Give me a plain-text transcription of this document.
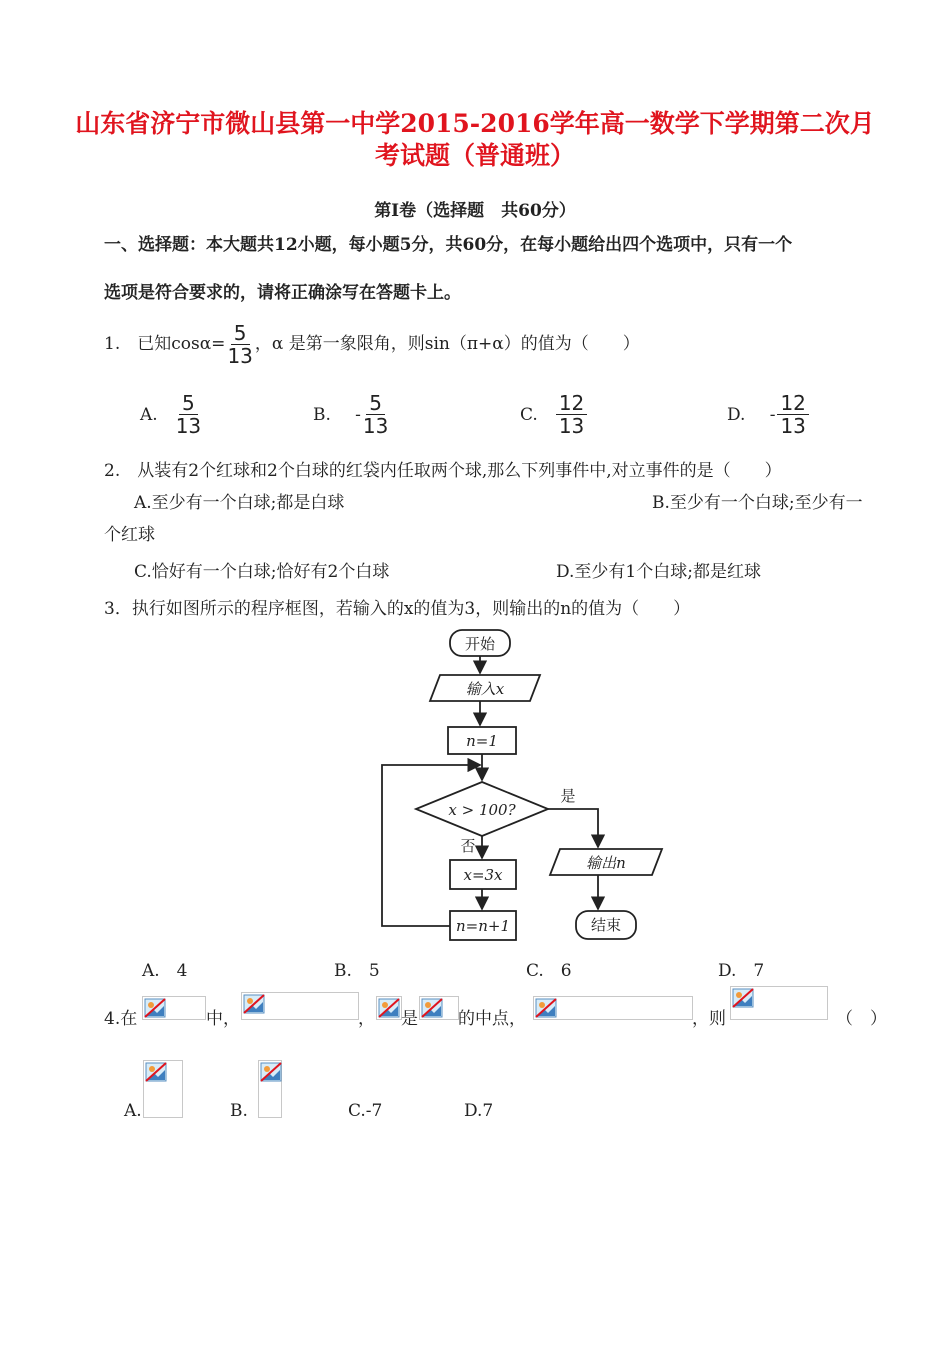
山东省济宁市微山县第一中学2015-2016学年高一数学下学期第二次月
考试题（普通班）
第Ⅰ卷（选择题　共60分）
一、选择题：本大题共12小题，每小题5分，共60分，在每小题给出四个选项中，只有一个
选项是符合要求的，请将正确涂写在答题卡上。
1.　已知$\cos\alpha= \frac{5}{13}$ ，α 是第一象限角，则sin（π+α）的值为（　　）
A. $\frac{5}{13}$	B. - $\frac{5}{13}$	C. $\frac{12}{13}$	D. - $\frac{12}{13}$
2.　从装有2个红球和2个白球的红袋内任取两个球,那么下列事件中,对立事件的是（　　）
A.至少有一个白球;都是白球	B.至少有一个白球;至少有一
个红球
C.恰好有一个白球;恰好有2个白球	D.至少有1个白球;都是红球
3．执行如图所示的程序框图，若输入的x的值为3，则输出的n的值为（　　）
开始
输入x
n=1
x > 100?
是
否
x=3x
n=n+1
输出n
结束
A.　4	B.　5	C.　6	D.　7
4.在	中，	， 是 的中点，	，则	（　）
A.	B.	C.-7	D.7
